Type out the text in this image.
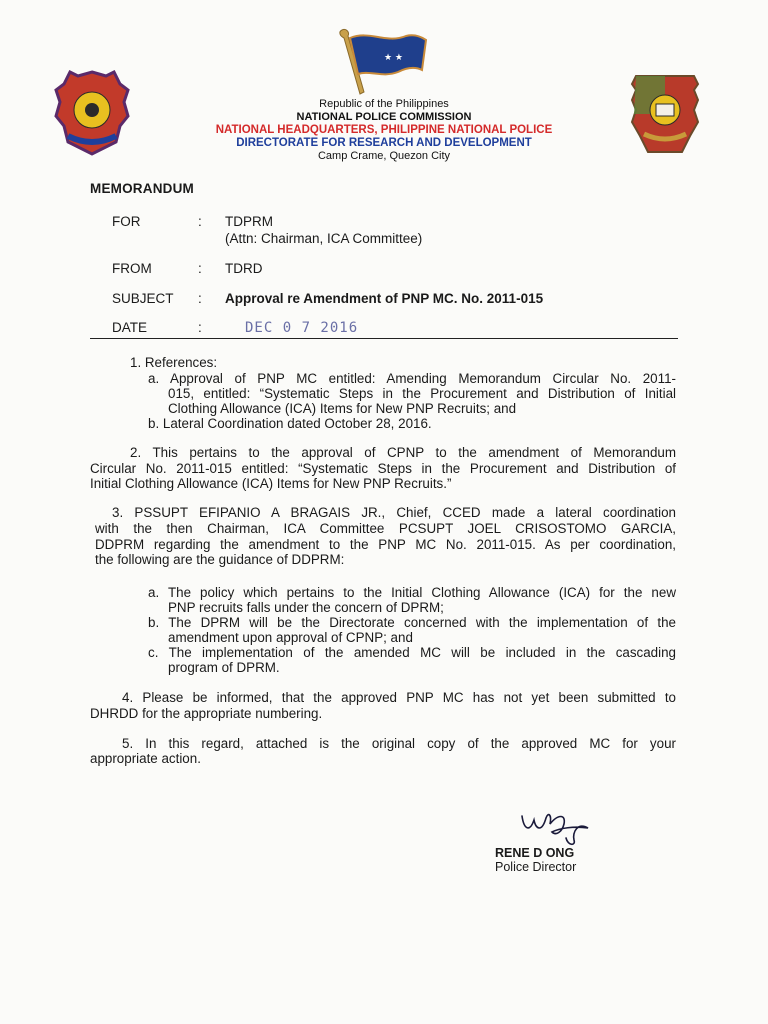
★ ★
Republic of the Philippines
NATIONAL POLICE COMMISSION
NATIONAL HEADQUARTERS, PHILIPPINE NATIONAL POLICE
DIRECTORATE FOR RESEARCH AND DEVELOPMENT
Camp Crame, Quezon City
MEMORANDUM
FOR	: TDPRM
(Attn: Chairman, ICA Committee)
FROM	: TDRD
SUBJECT	: Approval re Amendment of PNP MC. No. 2011-015
DATE	:	DEC 0 7 2016
1. References:
a. Approval of PNP MC entitled: Amending Memorandum Circular No. 2011-
015, entitled: “Systematic Steps in the Procurement and Distribution of Initial
Clothing Allowance (ICA) Items for New PNP Recruits; and
b. Lateral Coordination dated October 28, 2016.
2. This pertains to the approval of CPNP to the amendment of Memorandum
Circular No. 2011-015 entitled: “Systematic Steps in the Procurement and Distribution of
Initial Clothing Allowance (ICA) Items for New PNP Recruits.”
3. PSSUPT EFIPANIO A BRAGAIS JR., Chief, CCED made a lateral coordination
with the then Chairman, ICA Committee PCSUPT JOEL CRISOSTOMO GARCIA,
DDPRM regarding the amendment to the PNP MC No. 2011-015. As per coordination,
the following are the guidance of DDPRM:
a. The policy which pertains to the Initial Clothing Allowance (ICA) for the new
PNP recruits falls under the concern of DPRM;
b. The DPRM will be the Directorate concerned with the implementation of the
amendment upon approval of CPNP; and
c. The implementation of the amended MC will be included in the cascading
program of DPRM.
4. Please be informed, that the approved PNP MC has not yet been submitted to
DHRDD for the appropriate numbering.
5. In this regard, attached is the original copy of the approved MC for your
appropriate action.
RENE D ONG
Police Director
